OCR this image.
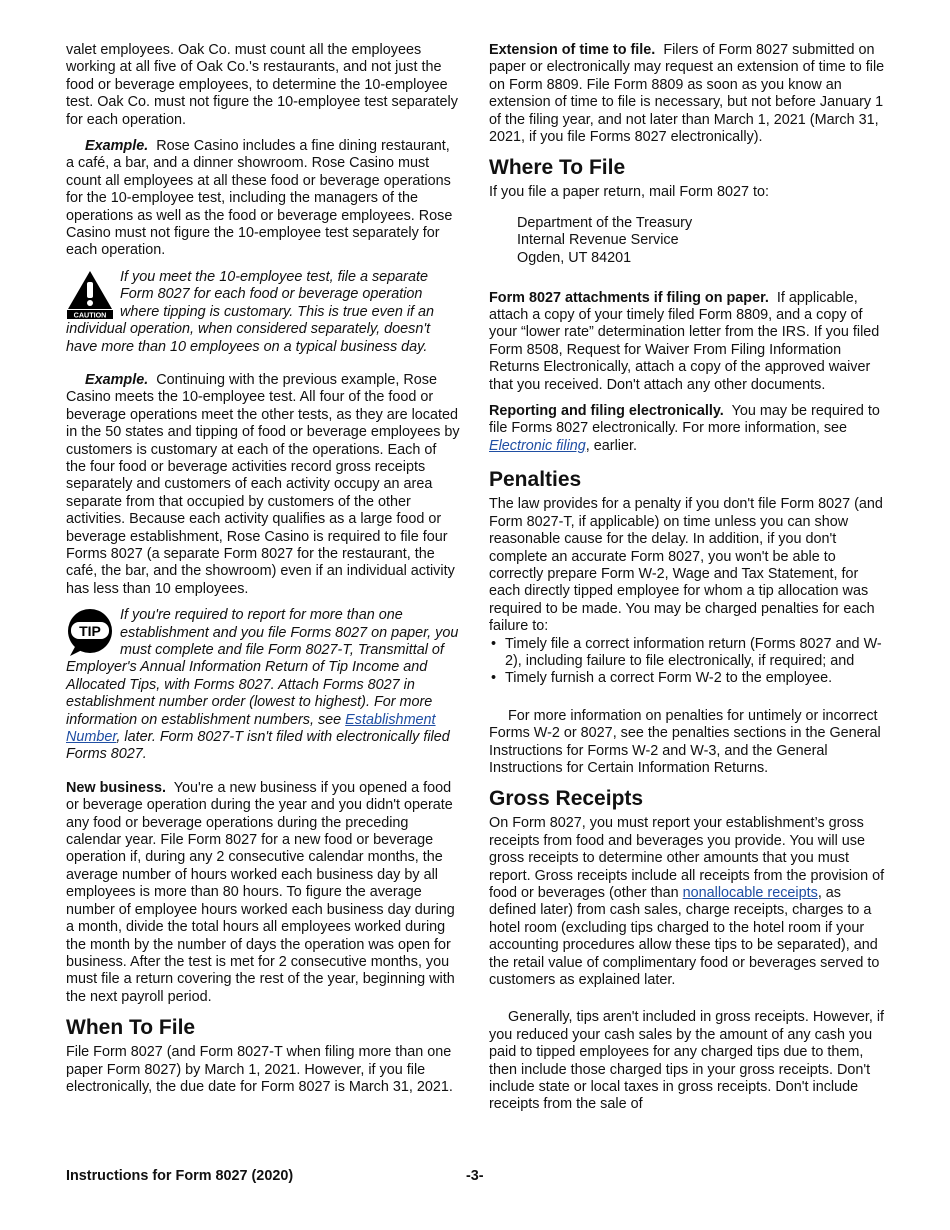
valet employees. Oak Co. must count all the employees working at all five of Oak Co.'s restaurants, and not just the food or beverage employees, to determine the 10-employee test. Oak Co. must not figure the 10-employee test separately for each operation.

Example. Rose Casino includes a fine dining restaurant, a café, a bar, and a dinner showroom. Rose Casino must count all employees at all these food or beverage operations for the 10-employee test, including the managers of the operations as well as the food or beverage employees. Rose Casino must not figure the 10-employee test separately for each operation.

CAUTION
If you meet the 10-employee test, file a separate Form 8027 for each food or beverage operation where tipping is customary. This is true even if an individual operation, when considered separately, doesn't have more than 10 employees on a typical business day.

Example. Continuing with the previous example, Rose Casino meets the 10-employee test. All four of the food or beverage operations meet the other tests, as they are located in the 50 states and tipping of food or beverage employees by customers is customary at each of the operations. Each of the four food or beverage activities record gross receipts separately and customers of each activity occupy an area separate from that occupied by customers of the other activities. Because each activity qualifies as a large food or beverage establishment, Rose Casino is required to file four Forms 8027 (a separate Form 8027 for the restaurant, the café, the bar, and the showroom) even if an individual activity has less than 10 employees.

TIP
If you're required to report for more than one establishment and you file Forms 8027 on paper, you must complete and file Form 8027-T, Transmittal of Employer's Annual Information Return of Tip Income and Allocated Tips, with Forms 8027. Attach Forms 8027 in establishment number order (lowest to highest). For more information on establishment numbers, see Establishment Number, later. Form 8027-T isn't filed with electronically filed Forms 8027.

New business. You're a new business if you opened a food or beverage operation during the year and you didn't operate any food or beverage operations during the preceding calendar year. File Form 8027 for a new food or beverage operation if, during any 2 consecutive calendar months, the average number of hours worked each business day by all employees is more than 80 hours. To figure the average number of employee hours worked each business day during a month, divide the total hours all employees worked during the month by the number of days the operation was open for business. After the test is met for 2 consecutive months, you must file a return covering the rest of the year, beginning with the next payroll period.

When To File

File Form 8027 (and Form 8027-T when filing more than one paper Form 8027) by March 1, 2021. However, if you file electronically, the due date for Form 8027 is March 31, 2021.

Extension of time to file. Filers of Form 8027 submitted on paper or electronically may request an extension of time to file on Form 8809. File Form 8809 as soon as you know an extension of time to file is necessary, but not before January 1 of the filing year, and not later than March 1, 2021 (March 31, 2021, if you file Forms 8027 electronically).

Where To File

If you file a paper return, mail Form 8027 to:

Department of the Treasury
Internal Revenue Service
Ogden, UT 84201

Form 8027 attachments if filing on paper. If applicable, attach a copy of your timely filed Form 8809, and a copy of your “lower rate” determination letter from the IRS. If you filed Form 8508, Request for Waiver From Filing Information Returns Electronically, attach a copy of the approved waiver that you received. Don't attach any other documents.

Reporting and filing electronically. You may be required to file Forms 8027 electronically. For more information, see Electronic filing, earlier.

Penalties

The law provides for a penalty if you don't file Form 8027 (and Form 8027-T, if applicable) on time unless you can show reasonable cause for the delay. In addition, if you don't complete an accurate Form 8027, you won't be able to correctly prepare Form W-2, Wage and Tax Statement, for each directly tipped employee for whom a tip allocation was required to be made. You may be charged penalties for each failure to:

• Timely file a correct information return (Forms 8027 and W-2), including failure to file electronically, if required; and
• Timely furnish a correct Form W-2 to the employee.

For more information on penalties for untimely or incorrect Forms W-2 or 8027, see the penalties sections in the General Instructions for Forms W-2 and W-3, and the General Instructions for Certain Information Returns.

Gross Receipts

On Form 8027, you must report your establishment’s gross receipts from food and beverages you provide. You will use gross receipts to determine other amounts that you must report. Gross receipts include all receipts from the provision of food or beverages (other than nonallocable receipts, as defined later) from cash sales, charge receipts, charges to a hotel room (excluding tips charged to the hotel room if your accounting procedures allow these tips to be separated), and the retail value of complimentary food or beverages served to customers as explained later.

Generally, tips aren't included in gross receipts. However, if you reduced your cash sales by the amount of any cash you paid to tipped employees for any charged tips due to them, then include those charged tips in your gross receipts. Don't include state or local taxes in gross receipts. Don't include receipts from the sale of

Instructions for Form 8027 (2020)	-3-
